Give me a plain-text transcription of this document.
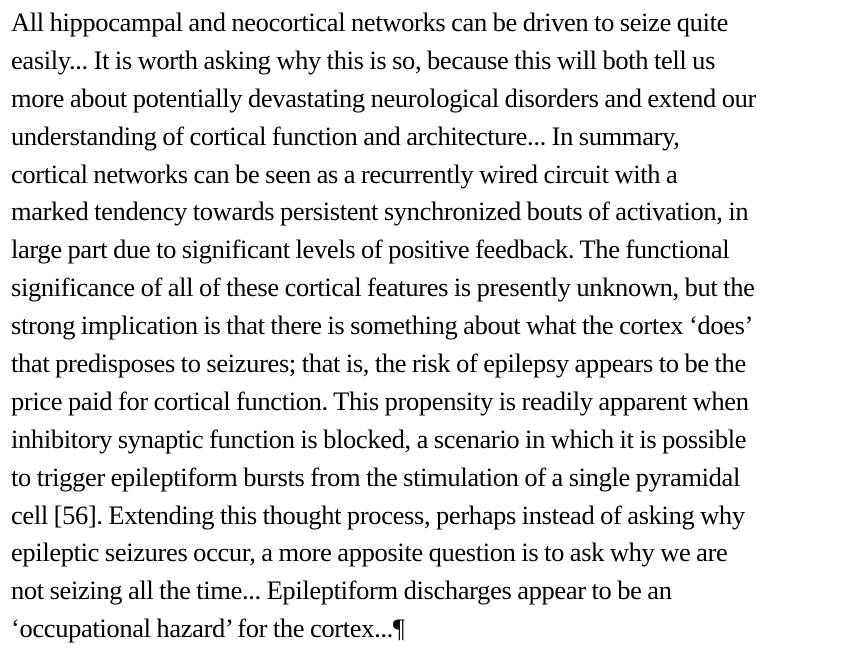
All hippocampal and neocortical networks can be driven to seize quite
easily... It is worth asking why this is so, because this will both tell us
more about potentially devastating neurological disorders and extend our
understanding of cortical function and architecture... In summary,
cortical networks can be seen as a recurrently wired circuit with a
marked tendency towards persistent synchronized bouts of activation, in
large part due to significant levels of positive feedback. The functional
significance of all of these cortical features is presently unknown, but the
strong implication is that there is something about what the cortex ‘does’
that predisposes to seizures; that is, the risk of epilepsy appears to be the
price paid for cortical function. This propensity is readily apparent when
inhibitory synaptic function is blocked, a scenario in which it is possible
to trigger epileptiform bursts from the stimulation of a single pyramidal
cell [56]. Extending this thought process, perhaps instead of asking why
epileptic seizures occur, a more apposite question is to ask why we are
not seizing all the time... Epileptiform discharges appear to be an
‘occupational hazard’ for the cortex...¶
